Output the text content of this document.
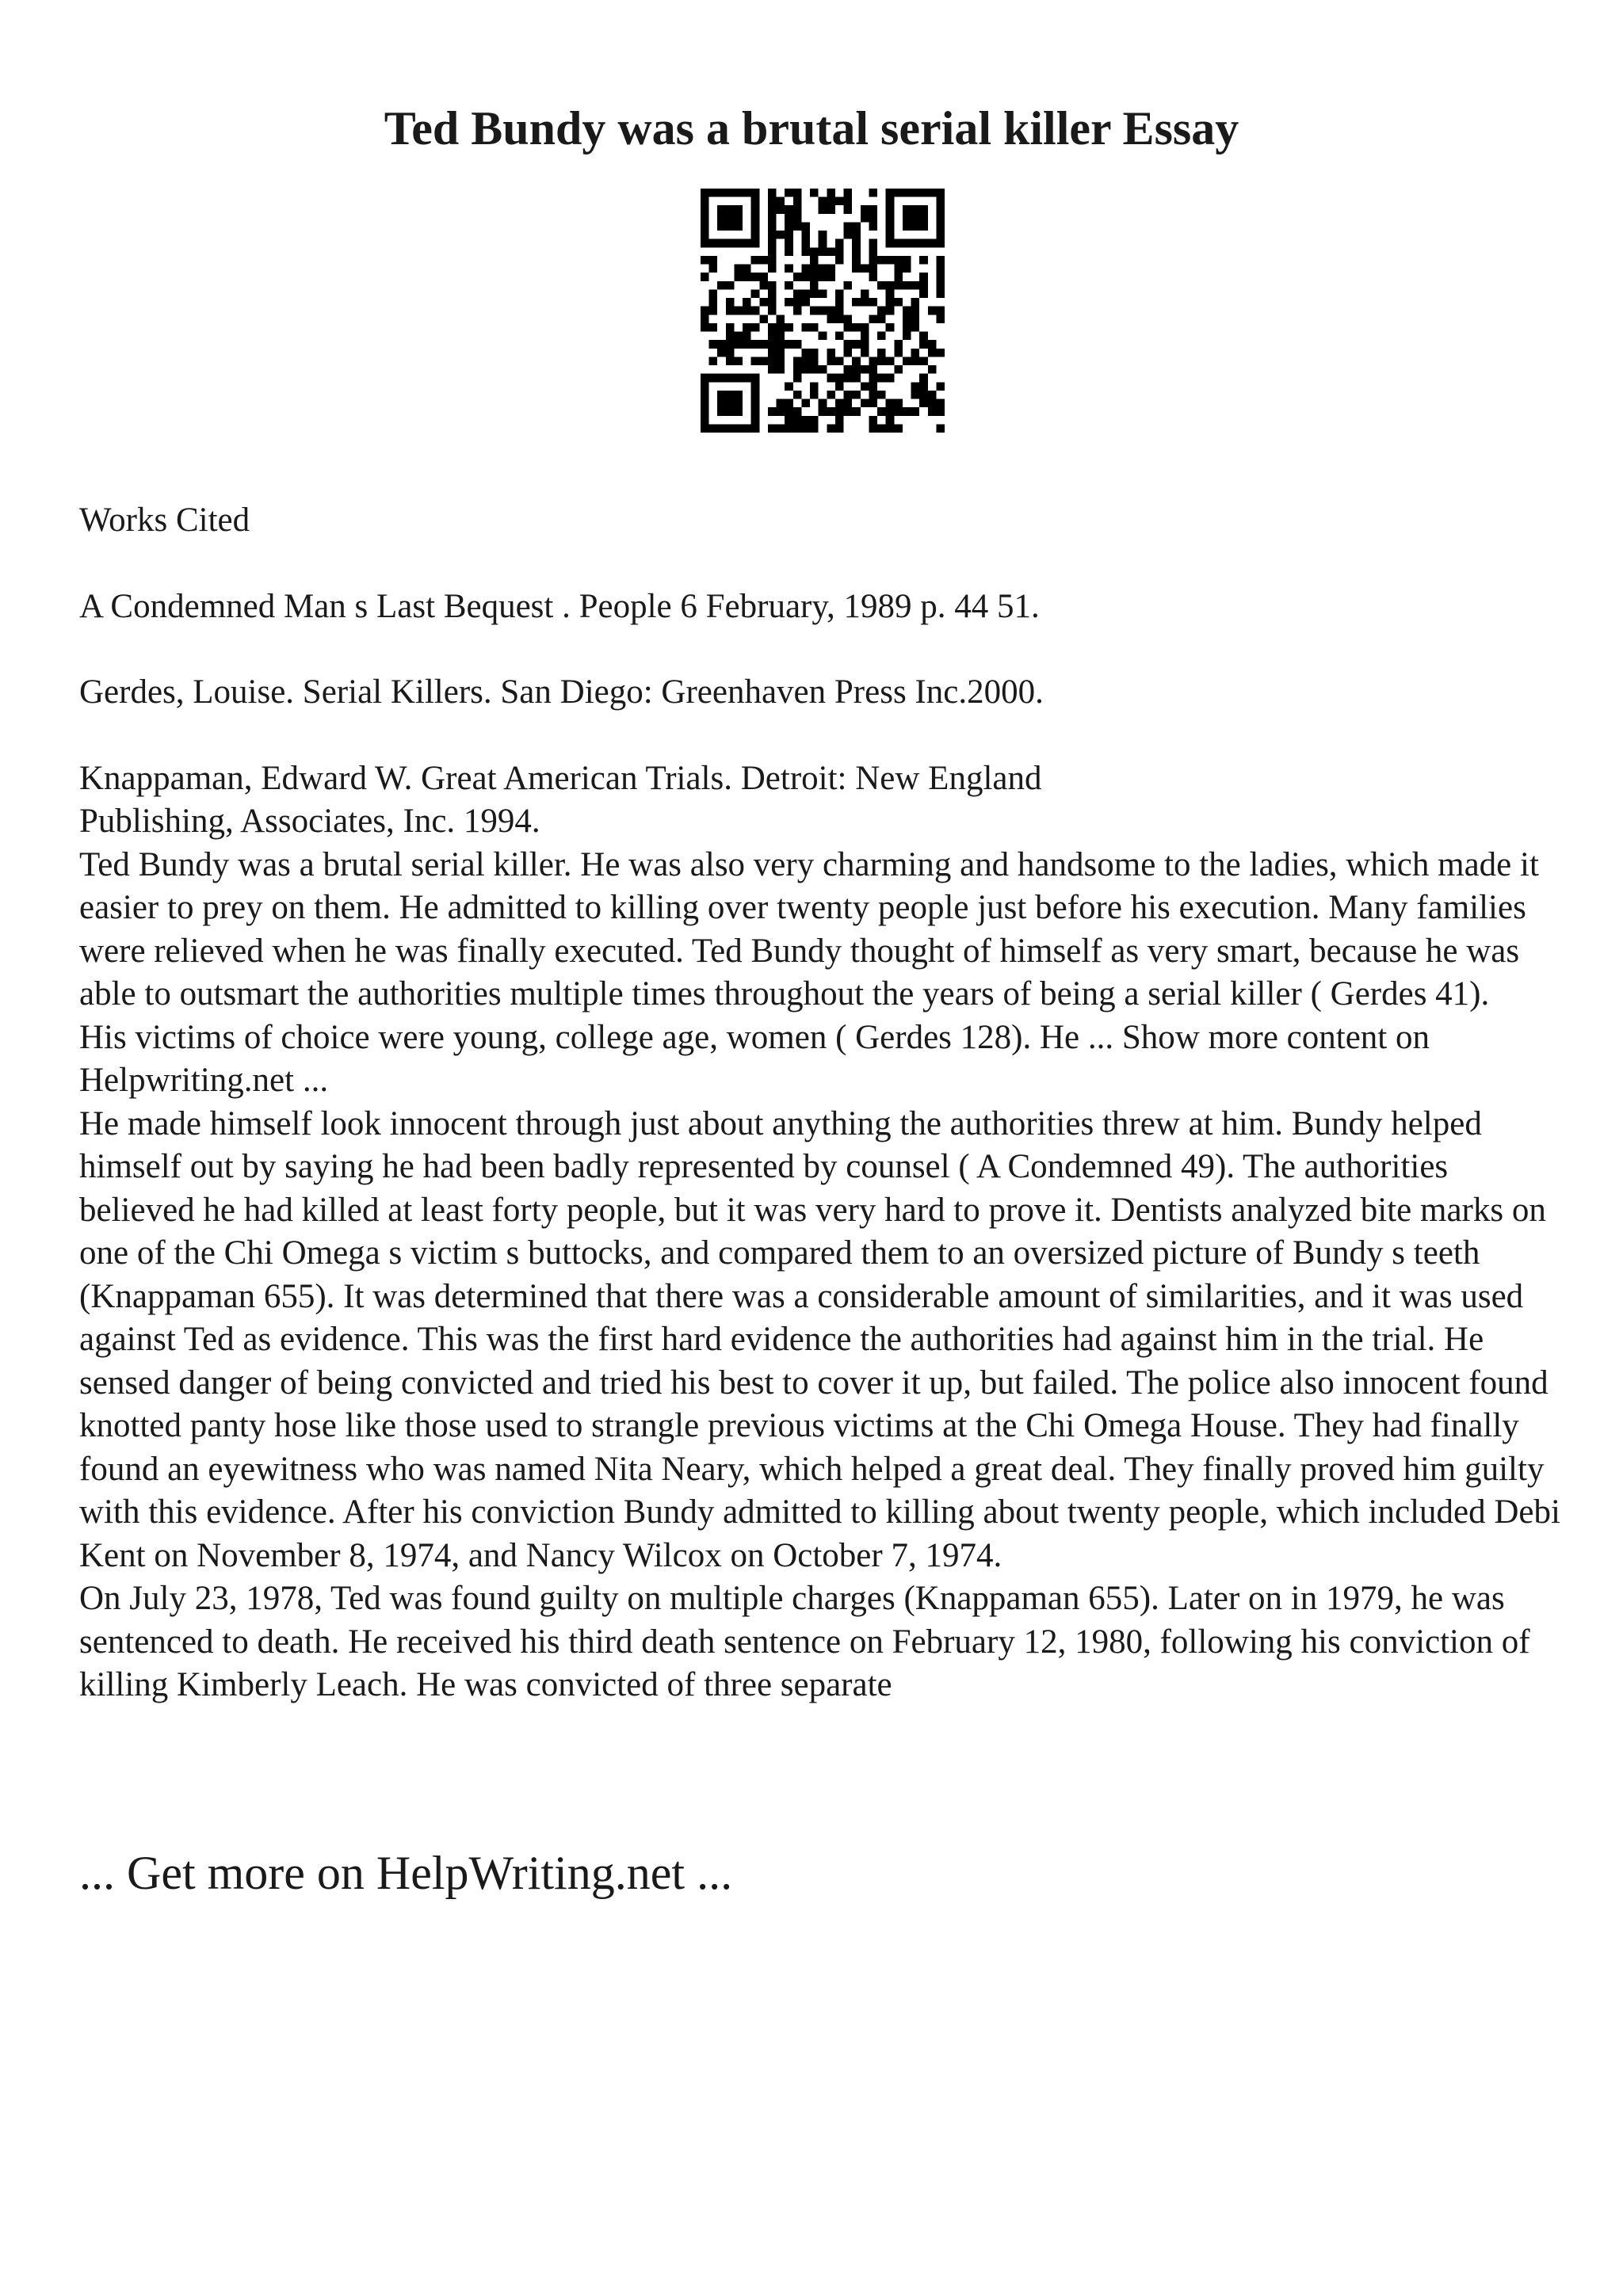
Ted Bundy was a brutal serial killer Essay

Works Cited

A Condemned Man s Last Bequest . People 6 February, 1989 p. 44 51.

Gerdes, Louise. Serial Killers. San Diego: Greenhaven Press Inc.2000.

Knappaman, Edward W. Great American Trials. Detroit: New England
Publishing, Associates, Inc. 1994.

Ted Bundy was a brutal serial killer. He was also very charming and handsome to the ladies, which made it easier to prey on them. He admitted to killing over twenty people just before his execution. Many families were relieved when he was finally executed. Ted Bundy thought of himself as very smart, because he was able to outsmart the authorities multiple times throughout the years of being a serial killer ( Gerdes 41).

His victims of choice were young, college age, women ( Gerdes 128). He ... Show more content on Helpwriting.net ...

He made himself look innocent through just about anything the authorities threw at him. Bundy helped himself out by saying he had been badly represented by counsel ( A Condemned 49). The authorities believed he had killed at least forty people, but it was very hard to prove it. Dentists analyzed bite marks on one of the Chi Omega s victim s buttocks, and compared them to an oversized picture of Bundy s teeth (Knappaman 655). It was determined that there was a considerable amount of similarities, and it was used against Ted as evidence. This was the first hard evidence the authorities had against him in the trial. He sensed danger of being convicted and tried his best to cover it up, but failed. The police also innocent found knotted panty hose like those used to strangle previous victims at the Chi Omega House. They had finally found an eyewitness who was named Nita Neary, which helped a great deal. They finally proved him guilty with this evidence. After his conviction Bundy admitted to killing about twenty people, which included Debi Kent on November 8, 1974, and Nancy Wilcox on October 7, 1974.

On July 23, 1978, Ted was found guilty on multiple charges (Knappaman 655). Later on in 1979, he was sentenced to death. He received his third death sentence on February 12, 1980, following his conviction of killing Kimberly Leach. He was convicted of three separate

... Get more on HelpWriting.net ...
